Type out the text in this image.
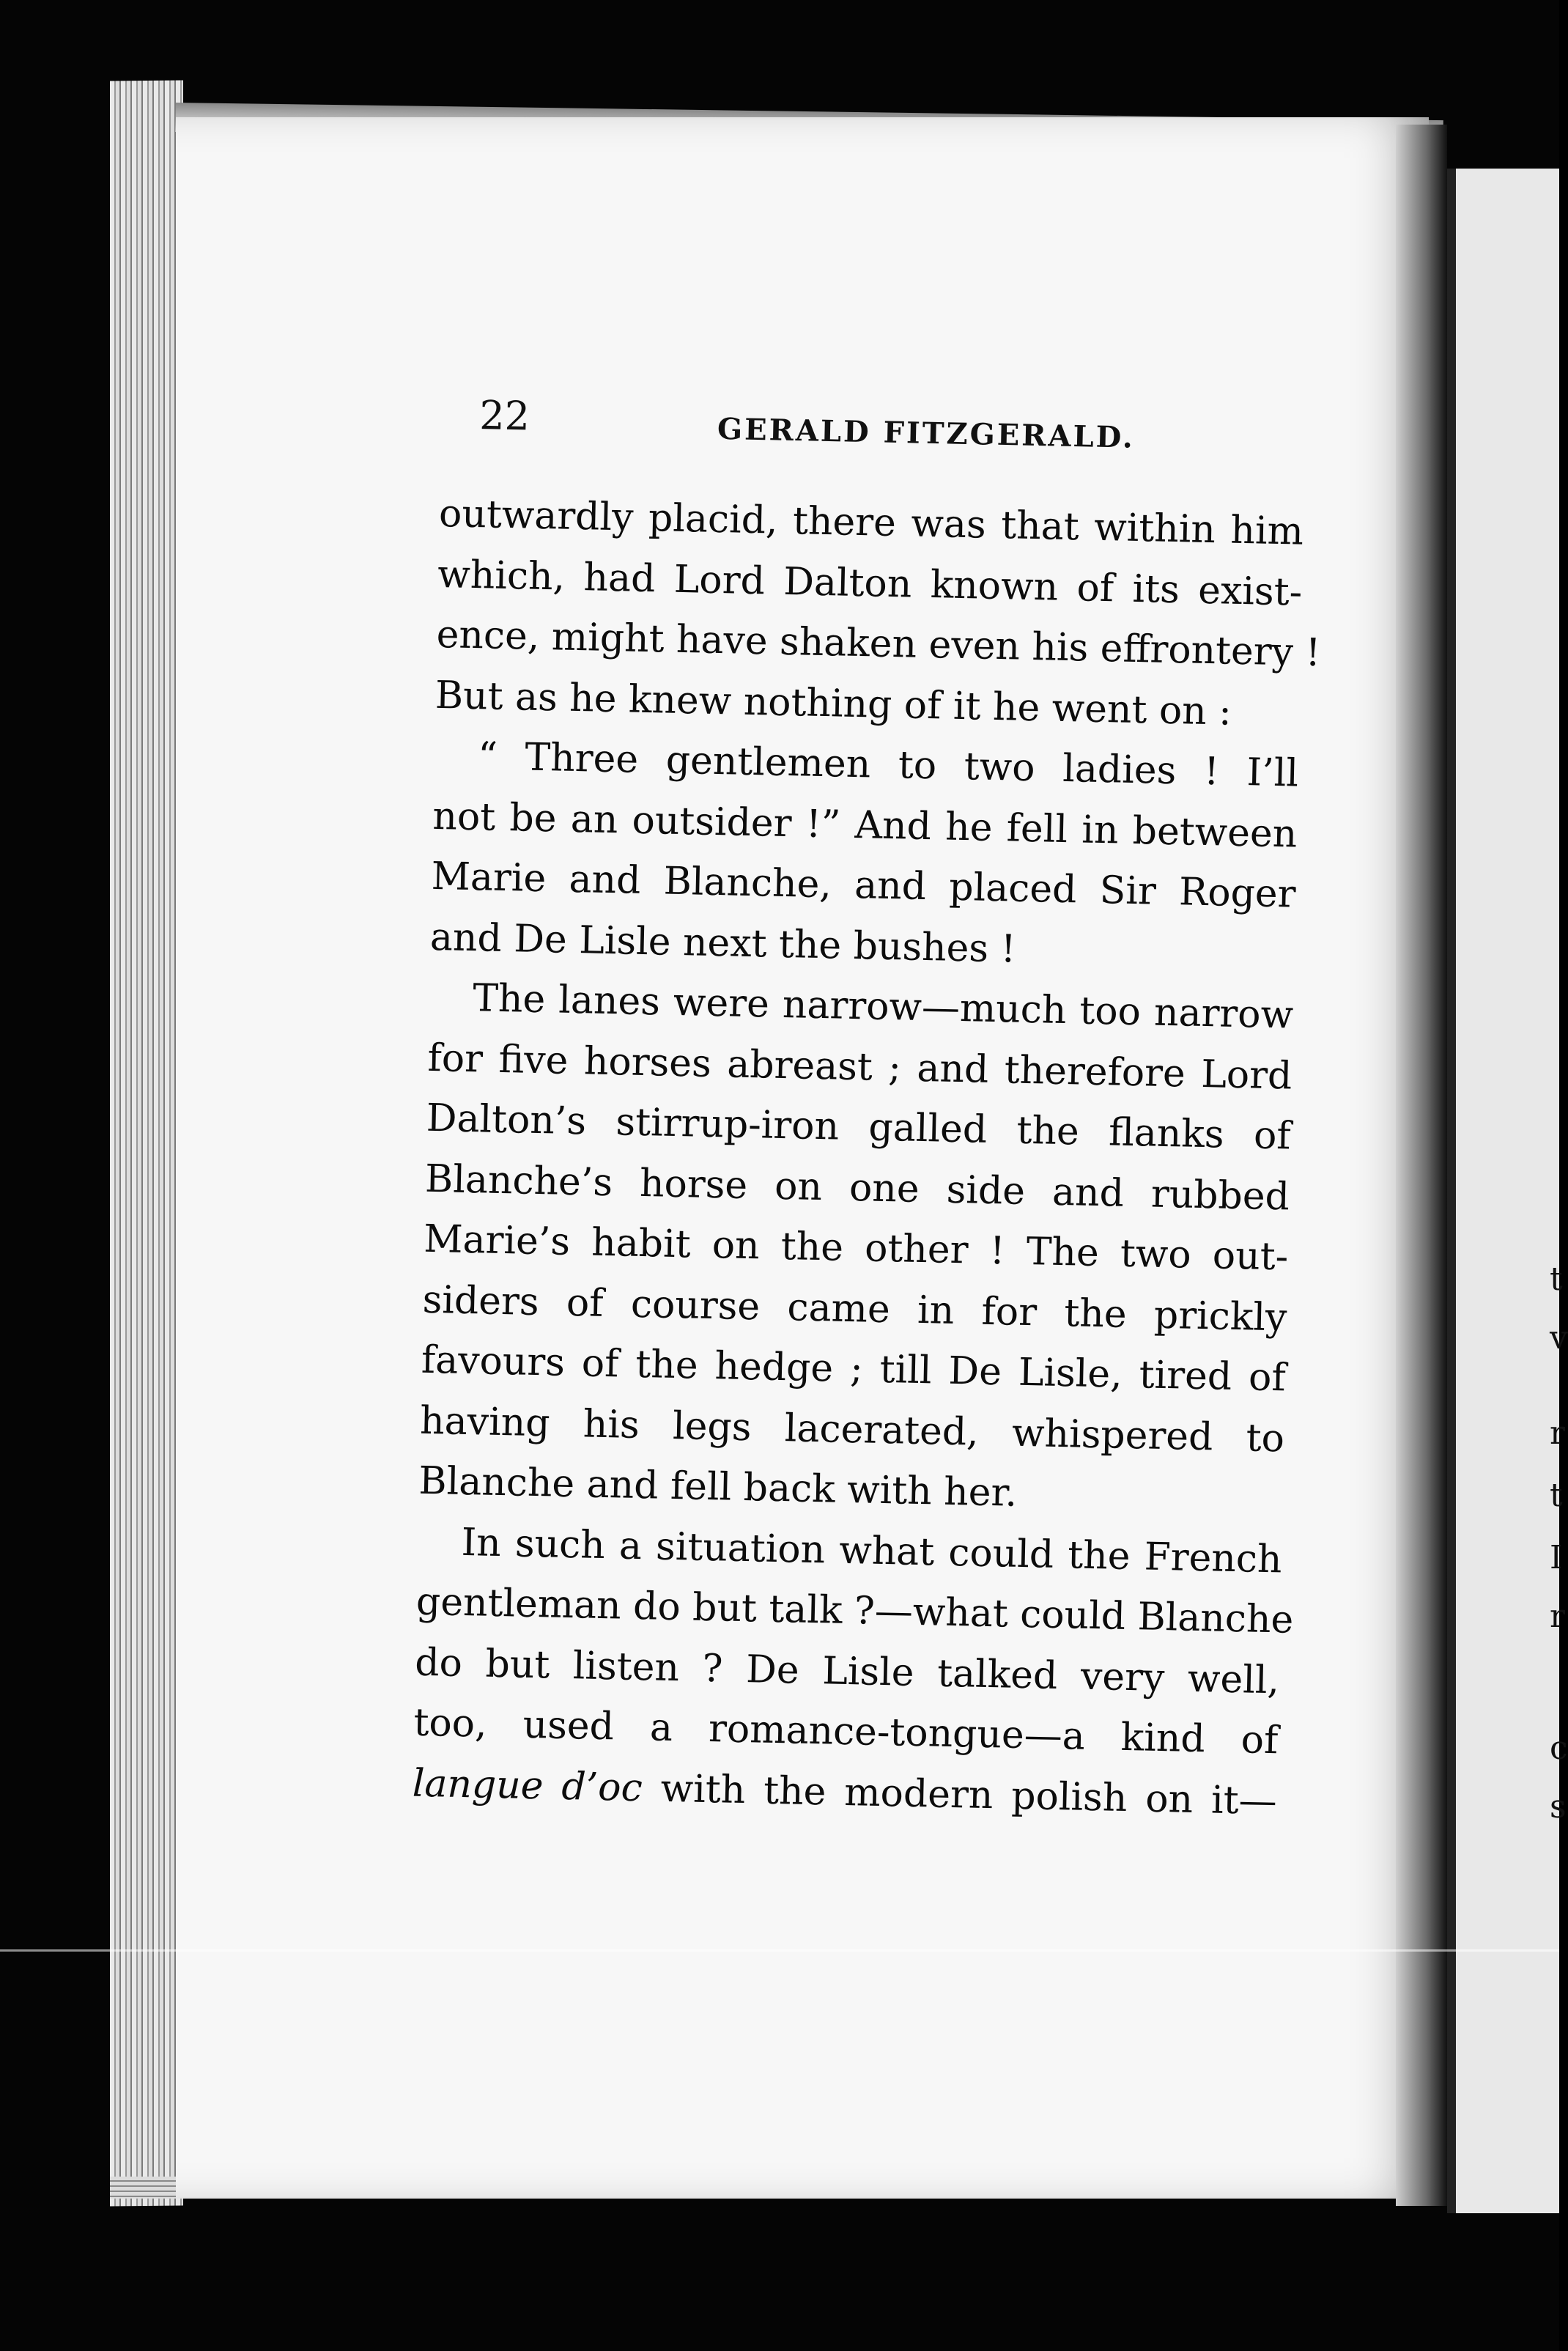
t
v
r
t
I
r
c
s
22	GERALD FITZGERALD.
outwardly placid, there was that within him
which, had Lord Dalton known of its exist-
ence, might have shaken even his effrontery !
But as he knew nothing of it he went on :
“ Three gentlemen to two ladies ! I’ll
not be an outsider !” And he fell in between
Marie and Blanche, and placed Sir Roger
and De Lisle next the bushes !
The lanes were narrow—much too narrow
for five horses abreast ; and therefore Lord
Dalton’s stirrup-iron galled the flanks of
Blanche’s horse on one side and rubbed
Marie’s habit on the other ! The two out-
siders of course came in for the prickly
favours of the hedge ; till De Lisle, tired of
having his legs lacerated, whispered to
Blanche and fell back with her.
In such a situation what could the French
gentleman do but talk ?—what could Blanche
do but listen ? De Lisle talked very well,
too, used a romance-tongue—a kind of
langue d’oc with the modern polish on it—
